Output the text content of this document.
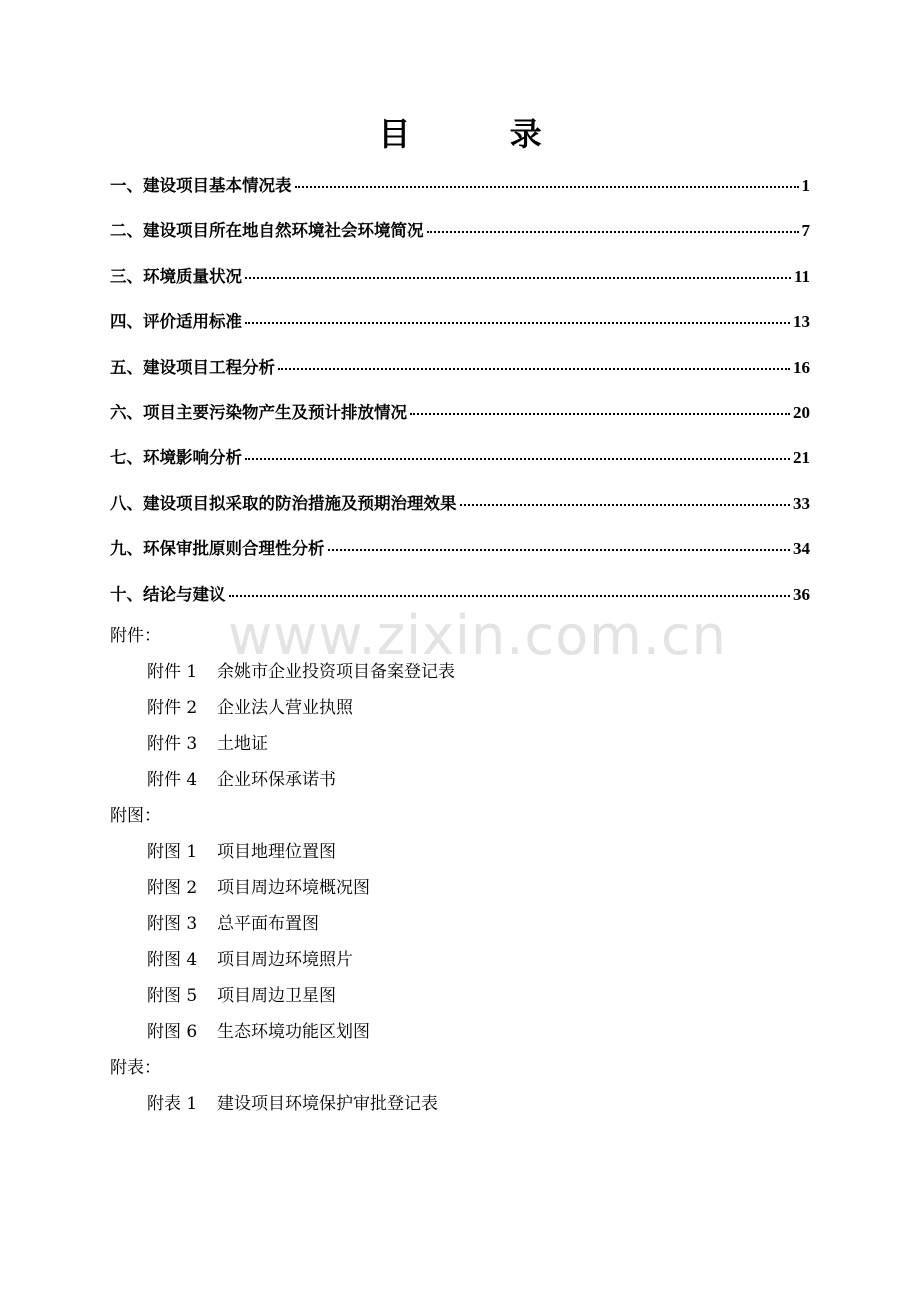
目 录
一、建设项目基本情况表	1
二、建设项目所在地自然环境社会环境简况	7
三、环境质量状况	11
四、评价适用标准	13
五、建设项目工程分析	16
六、项目主要污染物产生及预计排放情况	20
七、环境影响分析	21
八、建设项目拟采取的防治措施及预期治理效果	33
九、环保审批原则合理性分析	34
十、结论与建议	36
附件：
附件 1 余姚市企业投资项目备案登记表
附件 2 企业法人营业执照
附件 3 土地证
附件 4 企业环保承诺书
附图：
附图 1 项目地理位置图
附图 2 项目周边环境概况图
附图 3 总平面布置图
附图 4 项目周边环境照片
附图 5 项目周边卫星图
附图 6 生态环境功能区划图
附表：
附表 1 建设项目环境保护审批登记表
www.zixin.com.cn
